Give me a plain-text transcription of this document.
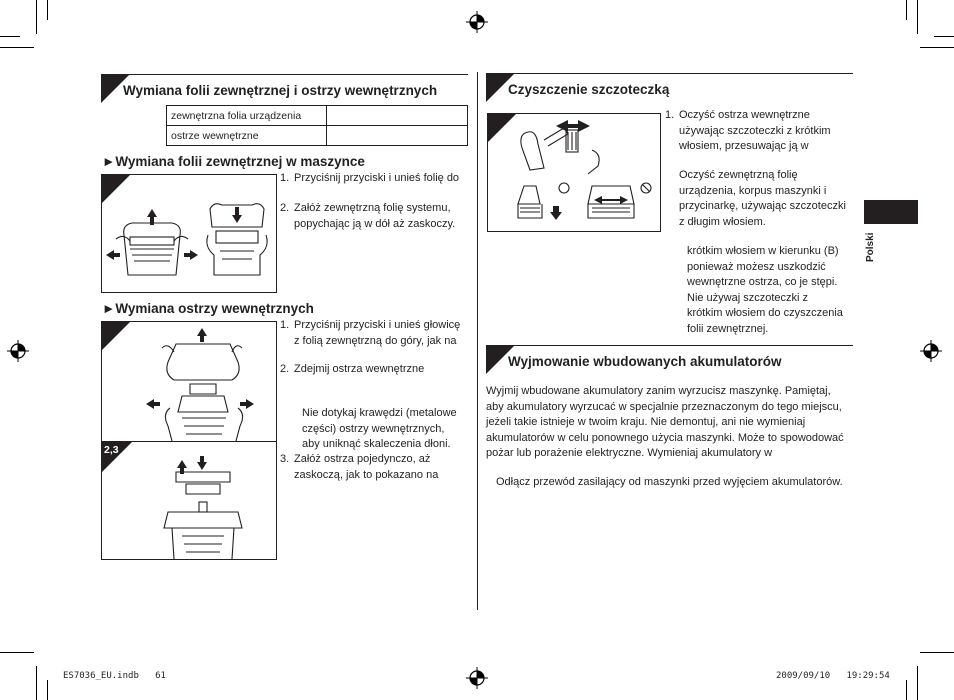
Wymiana folii zewnętrznej i ostrzy wewnętrznych
zewnętrzna folia urządzenia	
ostrze wewnętrzne	
►Wymiana folii zewnętrznej w maszynce
1. Przyciśnij przyciski i unieś folię do
2. Załóż zewnętrzną folię systemu,
popychając ją w dół aż zaskoczy.
►Wymiana ostrzy wewnętrznych
2,3
1. Przyciśnij przyciski i unieś głowicę
z folią zewnętrzną do góry, jak na
2. Zdejmij ostrza wewnętrzne
Nie dotykaj krawędzi (metalowe
części) ostrzy wewnętrznych,
aby uniknąć skaleczenia dłoni.
3. Załóż ostrza pojedynczo, aż
zaskoczą, jak to pokazano na
Czyszczenie szczoteczką
1. Oczyść ostrza wewnętrzne
używając szczoteczki z krótkim
włosiem, przesuwając ją w
Oczyść zewnętrzną folię
urządzenia, korpus maszynki i
przycinarkę, używając szczoteczki
z długim włosiem.
krótkim włosiem w kierunku (B)
ponieważ możesz uszkodzić
wewnętrzne ostrza, co je stępi.
Nie używaj szczoteczki z
krótkim włosiem do czyszczenia
folii zewnętrznej.
Wyjmowanie wbudowanych akumulatorów
Wyjmij wbudowane akumulatory zanim wyrzucisz maszynkę. Pamiętaj,
aby akumulatory wyrzucać w specjalnie przeznaczonym do tego miejscu,
jeżeli takie istnieje w twoim kraju. Nie demontuj, ani nie wymieniaj
akumulatorów w celu ponownego użycia maszynki. Może to spowodować
pożar lub porażenie elektryczne. Wymieniaj akumulatory w
Odłącz przewód zasilający od maszynki przed wyjęciem akumulatorów.
Polski
ES7036_EU.indb   61	2009/09/10   19:29:54
